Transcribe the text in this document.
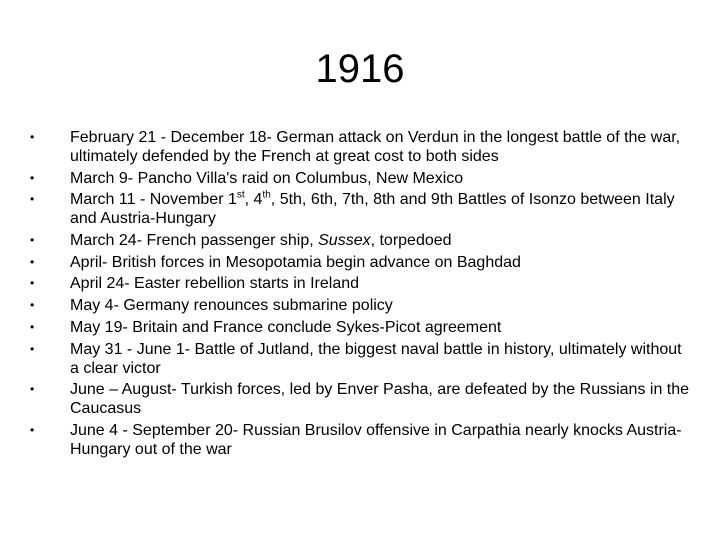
1916
• February 21 - December 18- German attack on Verdun in the longest battle of the war, ultimately defended by the French at great cost to both sides
• March 9- Pancho Villa's raid on Columbus, New Mexico
• March 11 - November 1st, 4th, 5th, 6th, 7th, 8th and 9th Battles of Isonzo between Italy and Austria-Hungary
• March 24- French passenger ship, Sussex, torpedoed
• April- British forces in Mesopotamia begin advance on Baghdad
• April 24- Easter rebellion starts in Ireland
• May 4- Germany renounces submarine policy
• May 19- Britain and France conclude Sykes-Picot agreement
• May 31 - June 1- Battle of Jutland, the biggest naval battle in history, ultimately without a clear victor
• June – August- Turkish forces, led by Enver Pasha, are defeated by the Russians in the Caucasus
• June 4 - September 20- Russian Brusilov offensive in Carpathia nearly knocks Austria-Hungary out of the war
